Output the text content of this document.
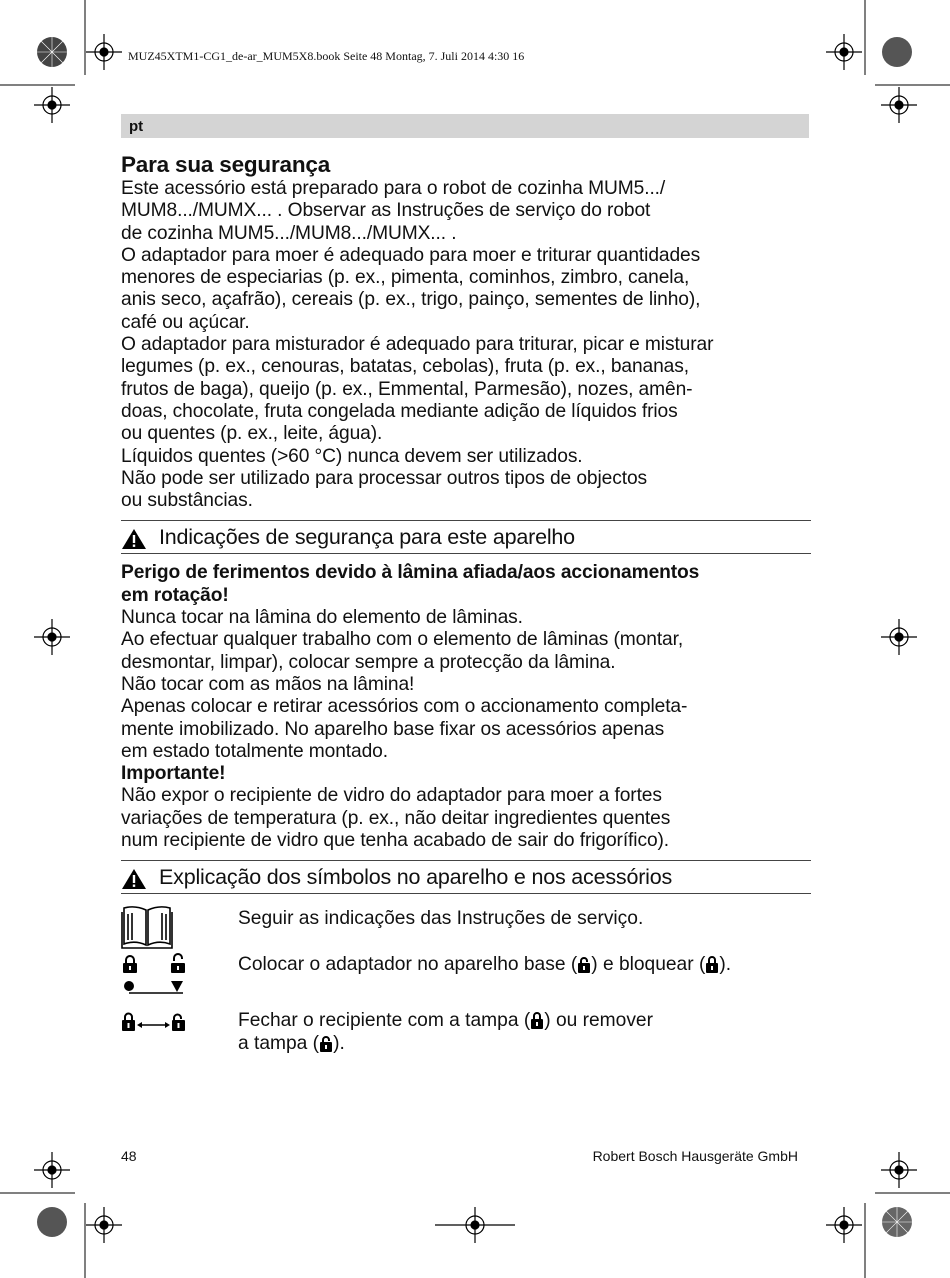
MUZ45XTM1-CG1_de-ar_MUM5X8.book Seite 48 Montag, 7. Juli 2014 4:30 16
pt
Para sua segurança
Este acessório está preparado para o robot de cozinha MUM5.../
MUM8.../MUMX... . Observar as Instruções de serviço do robot
de cozinha MUM5.../MUM8.../MUMX... .
O adaptador para moer é adequado para moer e triturar quantidades
menores de especiarias (p. ex., pimenta, cominhos, zimbro, canela,
anis seco, açafrão), cereais (p. ex., trigo, painço, sementes de linho),
café ou açúcar.
O adaptador para misturador é adequado para triturar, picar e misturar
legumes (p. ex., cenouras, batatas, cebolas), fruta (p. ex., bananas,
frutos de baga), queijo (p. ex., Emmental, Parmesão), nozes, amên-
doas, chocolate, fruta congelada mediante adição de líquidos frios
ou quentes (p. ex., leite, água).
Líquidos quentes (>60 °C) nunca devem ser utilizados.
Não pode ser utilizado para processar outros tipos de objectos
ou substâncias.
Indicações de segurança para este aparelho
Perigo de ferimentos devido à lâmina afiada/aos accionamentos
em rotação!
Nunca tocar na lâmina do elemento de lâminas.
Ao efectuar qualquer trabalho com o elemento de lâminas (montar,
desmontar, limpar), colocar sempre a protecção da lâmina.
Não tocar com as mãos na lâmina!
Apenas colocar e retirar acessórios com o accionamento completa-
mente imobilizado. No aparelho base fixar os acessórios apenas
em estado totalmente montado.
Importante!
Não expor o recipiente de vidro do adaptador para moer a fortes
variações de temperatura (p. ex., não deitar ingredientes quentes
num recipiente de vidro que tenha acabado de sair do frigorífico).
Explicação dos símbolos no aparelho e nos acessórios
Seguir as indicações das Instruções de serviço.
Colocar o adaptador no aparelho base ( ) e bloquear ( ).
Fechar o recipiente com a tampa ( ) ou remover
a tampa ( ).
48	Robert Bosch Hausgeräte GmbH
